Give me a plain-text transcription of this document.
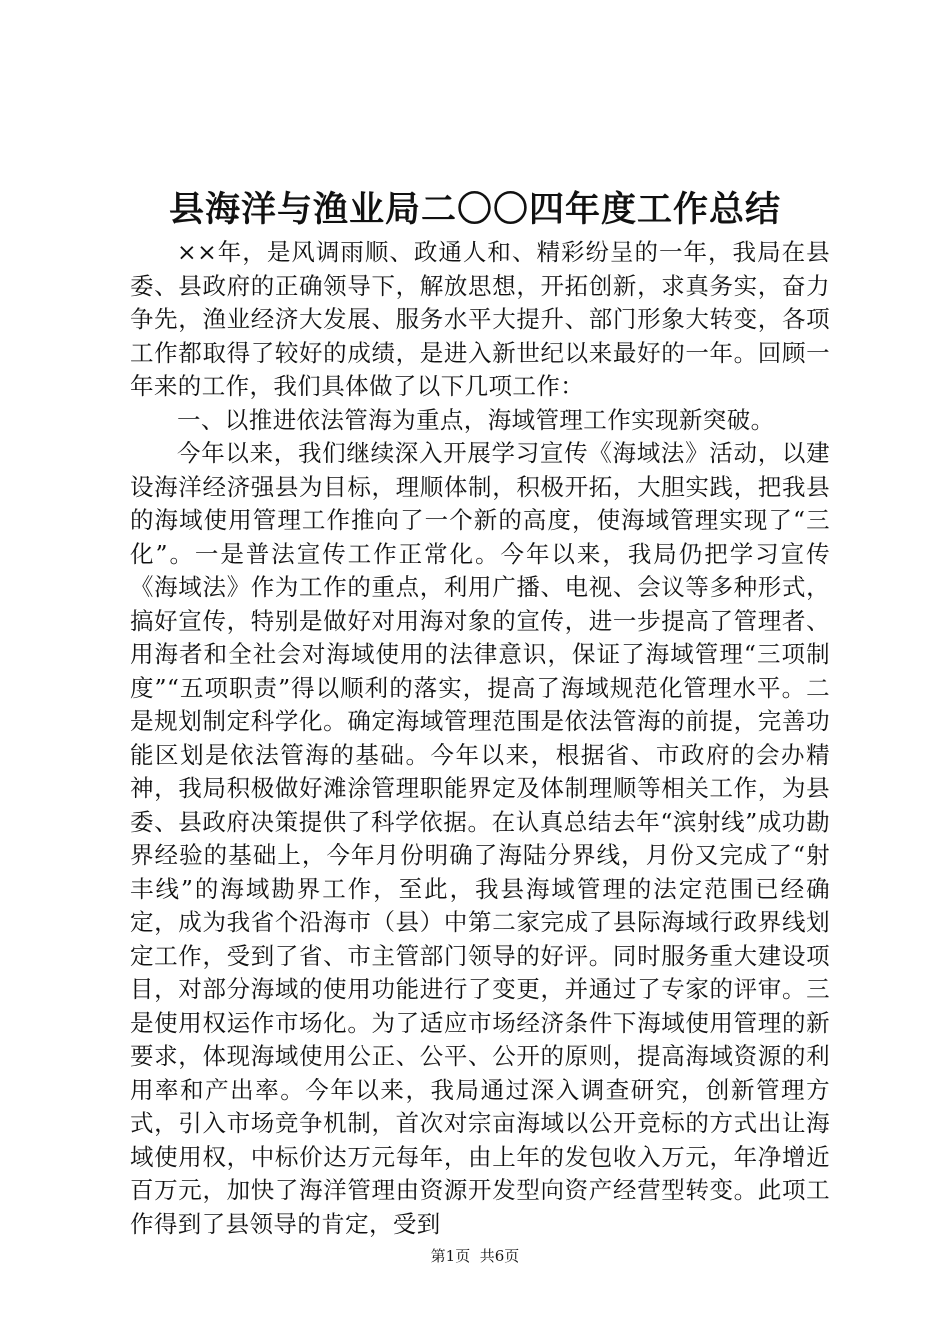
县海洋与渔业局二〇〇四年度工作总结

××年，是风调雨顺、政通人和、精彩纷呈的一年，我局在县委、县政府的正确领导下，解放思想，开拓创新，求真务实，奋力争先，渔业经济大发展、服务水平大提升、部门形象大转变，各项工作都取得了较好的成绩，是进入新世纪以来最好的一年。回顾一年来的工作，我们具体做了以下几项工作：

一、以推进依法管海为重点，海域管理工作实现新突破。

今年以来，我们继续深入开展学习宣传《海域法》活动，以建设海洋经济强县为目标，理顺体制，积极开拓，大胆实践，把我县的海域使用管理工作推向了一个新的高度，使海域管理实现了“三化”。一是普法宣传工作正常化。今年以来，我局仍把学习宣传《海域法》作为工作的重点，利用广播、电视、会议等多种形式，搞好宣传，特别是做好对用海对象的宣传，进一步提高了管理者、用海者和全社会对海域使用的法律意识，保证了海域管理“三项制度”“五项职责”得以顺利的落实，提高了海域规范化管理水平。二是规划制定科学化。确定海域管理范围是依法管海的前提，完善功能区划是依法管海的基础。今年以来，根据省、市政府的会办精神，我局积极做好滩涂管理职能界定及体制理顺等相关工作，为县委、县政府决策提供了科学依据。在认真总结去年“滨射线”成功勘界经验的基础上，今年月份明确了海陆分界线，月份又完成了“射丰线”的海域勘界工作，至此，我县海域管理的法定范围已经确定，成为我省个沿海市（县）中第二家完成了县际海域行政界线划定工作，受到了省、市主管部门领导的好评。同时服务重大建设项目，对部分海域的使用功能进行了变更，并通过了专家的评审。三是使用权运作市场化。为了适应市场经济条件下海域使用管理的新要求，体现海域使用公正、公平、公开的原则，提高海域资源的利用率和产出率。今年以来，我局通过深入调查研究，创新管理方式，引入市场竞争机制，首次对宗亩海域以公开竞标的方式出让海域使用权，中标价达万元每年，由上年的发包收入万元，年净增近百万元，加快了海洋管理由资源开发型向资产经营型转变。此项工作得到了县领导的肯定，受到

第1页 共6页
